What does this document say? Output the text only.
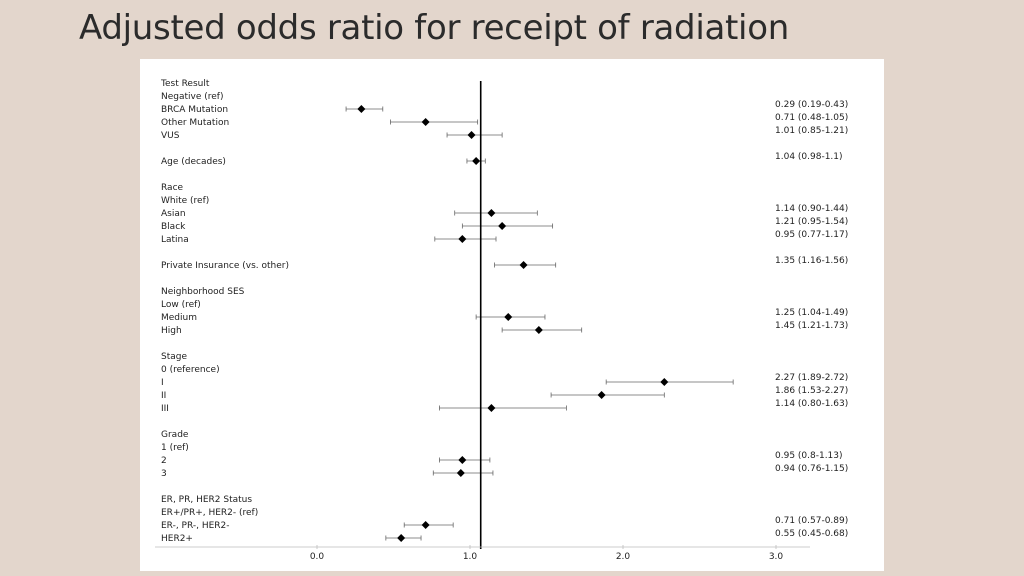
Adjusted odds ratio for receipt of radiation
Test Result
Negative (ref)
BRCA Mutation	0.29 (0.19-0.43)
Other Mutation	0.71 (0.48-1.05)
VUS	1.01 (0.85-1.21)
Age (decades)	1.04 (0.98-1.1)
Race
White (ref)
Asian	1.14 (0.90-1.44)
Black	1.21 (0.95-1.54)
Latina	0.95 (0.77-1.17)
Private Insurance (vs. other)	1.35 (1.16-1.56)
Neighborhood SES
Low (ref)
Medium	1.25 (1.04-1.49)
High	1.45 (1.21-1.73)
Stage
0 (reference)
I	2.27 (1.89-2.72)
II	1.86 (1.53-2.27)
III	1.14 (0.80-1.63)
Grade
1 (ref)
2	0.95 (0.8-1.13)
3	0.94 (0.76-1.15)
ER, PR, HER2 Status
ER+/PR+, HER2- (ref)
ER-, PR-, HER2-	0.71 (0.57-0.89)
HER2+	0.55 (0.45-0.68)
0.0	1.0	2.0	3.0
